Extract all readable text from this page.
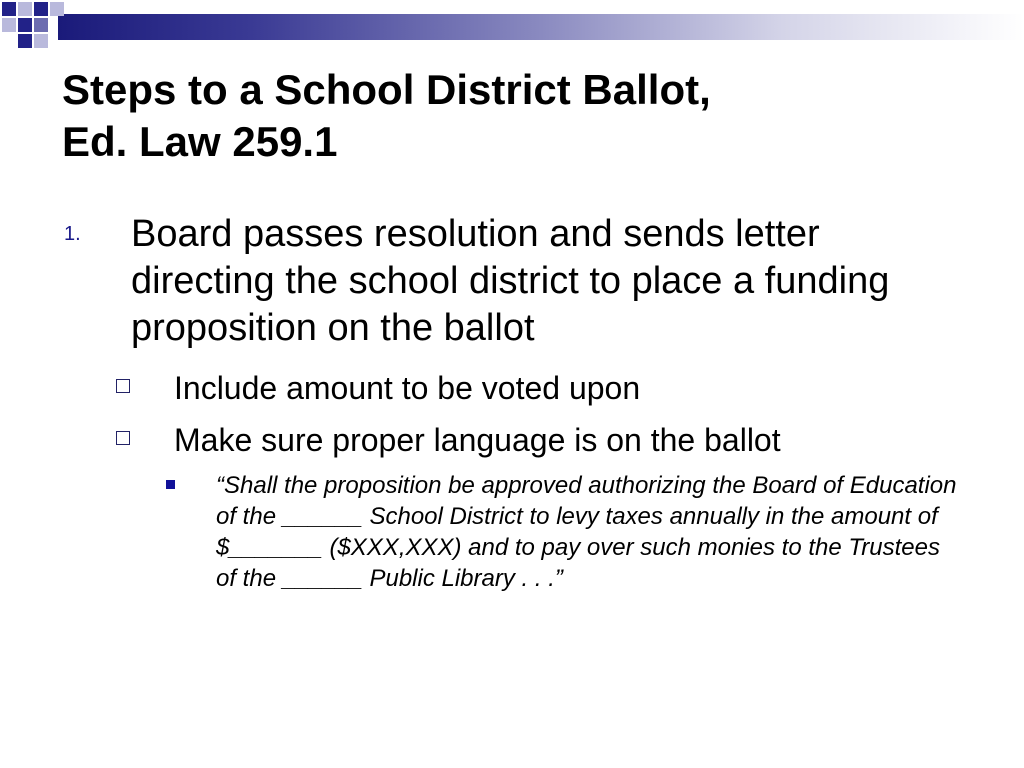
Steps to a School District Ballot,
Ed. Law 259.1
1. Board passes resolution and sends letter directing the school district to place a funding proposition on the ballot
Include amount to be voted upon
Make sure proper language is on the ballot
“Shall the proposition be approved authorizing the Board of Education of the ______ School District to levy taxes annually in the amount of $_______ ($XXX,XXX) and to pay over such monies to the Trustees of the ______ Public Library . . .”
